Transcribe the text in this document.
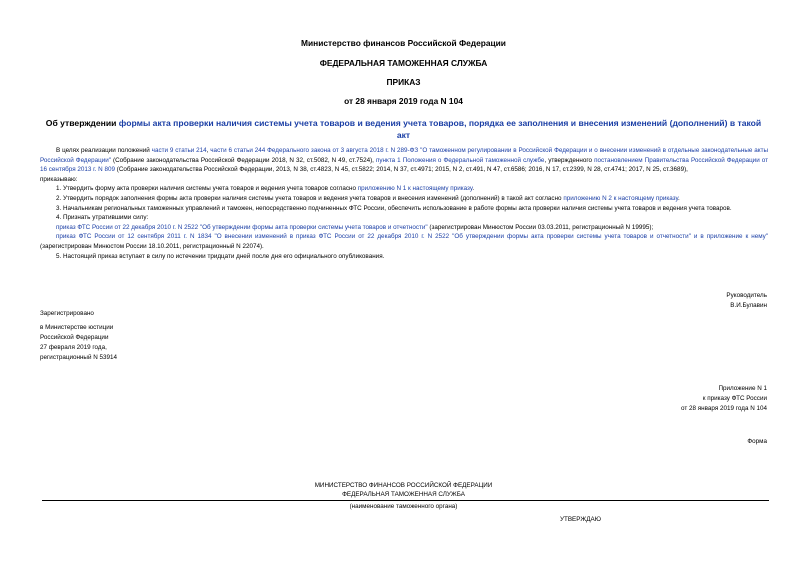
Министерство финансов Российской Федерации
ФЕДЕРАЛЬНАЯ ТАМОЖЕННАЯ СЛУЖБА
ПРИКАЗ
от 28 января 2019 года N 104
Об утверждении формы акта проверки наличия системы учета товаров и ведения учета товаров, порядка ее заполнения и внесения изменений (дополнений) в такой акт

В целях реализации положений части 9 статьи 214, части 6 статьи 244 Федерального закона от 3 августа 2018 г. N 289-ФЗ "О таможенном регулировании в Российской Федерации и о внесении изменений в отдельные законодательные акты Российской Федерации" (Собрание законодательства Российской Федерации 2018, N 32, ст.5082, N 49, ст.7524), пункта 1 Положения о Федеральной таможенной службе, утвержденного постановлением Правительства Российской Федерации от 16 сентября 2013 г. N 809 (Собрание законодательства Российской Федерации, 2013, N 38, ст.4823, N 45, ст.5822; 2014, N 37, ст.4971; 2015, N 2, ст.491, N 47, ст.6586; 2016, N 17, ст.2399, N 28, ст.4741; 2017, N 25, ст.3689),

приказываю:

1. Утвердить форму акта проверки наличия системы учета товаров и ведения учета товаров согласно приложению N 1 к настоящему приказу.

2. Утвердить порядок заполнения формы акта проверки наличия системы учета товаров и ведения учета товаров и внесения изменений (дополнений) в такой акт согласно приложению N 2 к настоящему приказу.

3. Начальникам региональных таможенных управлений и таможен, непосредственно подчиненных ФТС России, обеспечить использование в работе формы акта проверки наличия системы учета товаров и ведения учета товаров.

4. Признать утратившими силу:

приказ ФТС России от 22 декабря 2010 г. N 2522 "Об утверждении формы акта проверки системы учета товаров и отчетности" (зарегистрирован Минюстом России 03.03.2011, регистрационный N 19995);

приказ ФТС России от 12 сентября 2011 г. N 1834 "О внесении изменений в приказ ФТС России от 22 декабря 2010 г. N 2522 "Об утверждении формы акта проверки системы учета товаров и отчетности" и в приложение к нему" (зарегистрирован Минюстом России 18.10.2011, регистрационный N 22074).

5. Настоящий приказ вступает в силу по истечении тридцати дней после дня его официального опубликования.

Руководитель
В.И.Булавин
Зарегистрировано
в Министерстве юстиции
Российской Федерации
27 февраля 2019 года,
регистрационный N 53914
Приложение N 1
к приказу ФТС России
от 28 января 2019 года N 104
Форма
МИНИСТЕРСТВО ФИНАНСОВ РОССИЙСКОЙ ФЕДЕРАЦИИ
ФЕДЕРАЛЬНАЯ ТАМОЖЕННАЯ СЛУЖБА
(наименование таможенного органа)
УТВЕРЖДАЮ
